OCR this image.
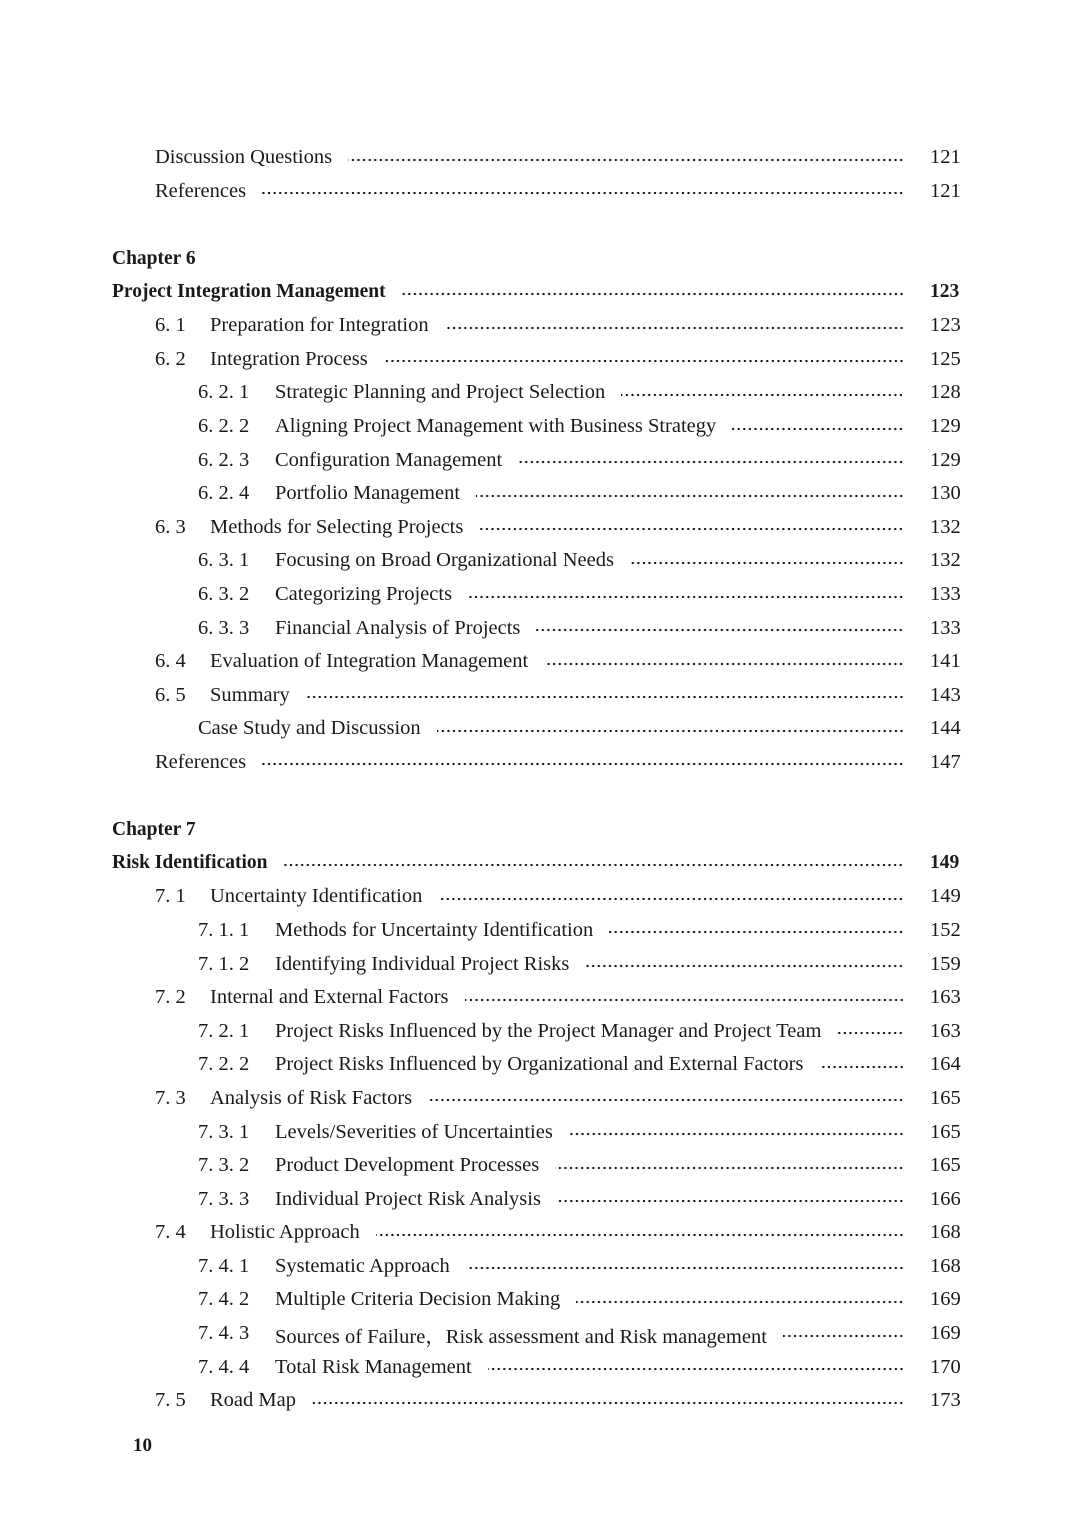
Discussion Questions	121
References	121
Chapter 6
Project Integration Management	123
6. 1	Preparation for Integration	123
6. 2	Integration Process	125
6. 2. 1	Strategic Planning and Project Selection	128
6. 2. 2	Aligning Project Management with Business Strategy	129
6. 2. 3	Configuration Management	129
6. 2. 4	Portfolio Management	130
6. 3	Methods for Selecting Projects	132
6. 3. 1	Focusing on Broad Organizational Needs	132
6. 3. 2	Categorizing Projects	133
6. 3. 3	Financial Analysis of Projects	133
6. 4	Evaluation of Integration Management	141
6. 5	Summary	143
Case Study and Discussion	144
References	147
Chapter 7
Risk Identification	149
7. 1	Uncertainty Identification	149
7. 1. 1	Methods for Uncertainty Identification	152
7. 1. 2	Identifying Individual Project Risks	159
7. 2	Internal and External Factors	163
7. 2. 1	Project Risks Influenced by the Project Manager and Project Team	163
7. 2. 2	Project Risks Influenced by Organizational and External Factors	164
7. 3	Analysis of Risk Factors	165
7. 3. 1	Levels/Severities of Uncertainties	165
7. 3. 2	Product Development Processes	165
7. 3. 3	Individual Project Risk Analysis	166
7. 4	Holistic Approach	168
7. 4. 1	Systematic Approach	168
7. 4. 2	Multiple Criteria Decision Making	169
7. 4. 3	Sources of Failure，Risk assessment and Risk management	169
7. 4. 4	Total Risk Management	170
7. 5	Road Map	173
10
